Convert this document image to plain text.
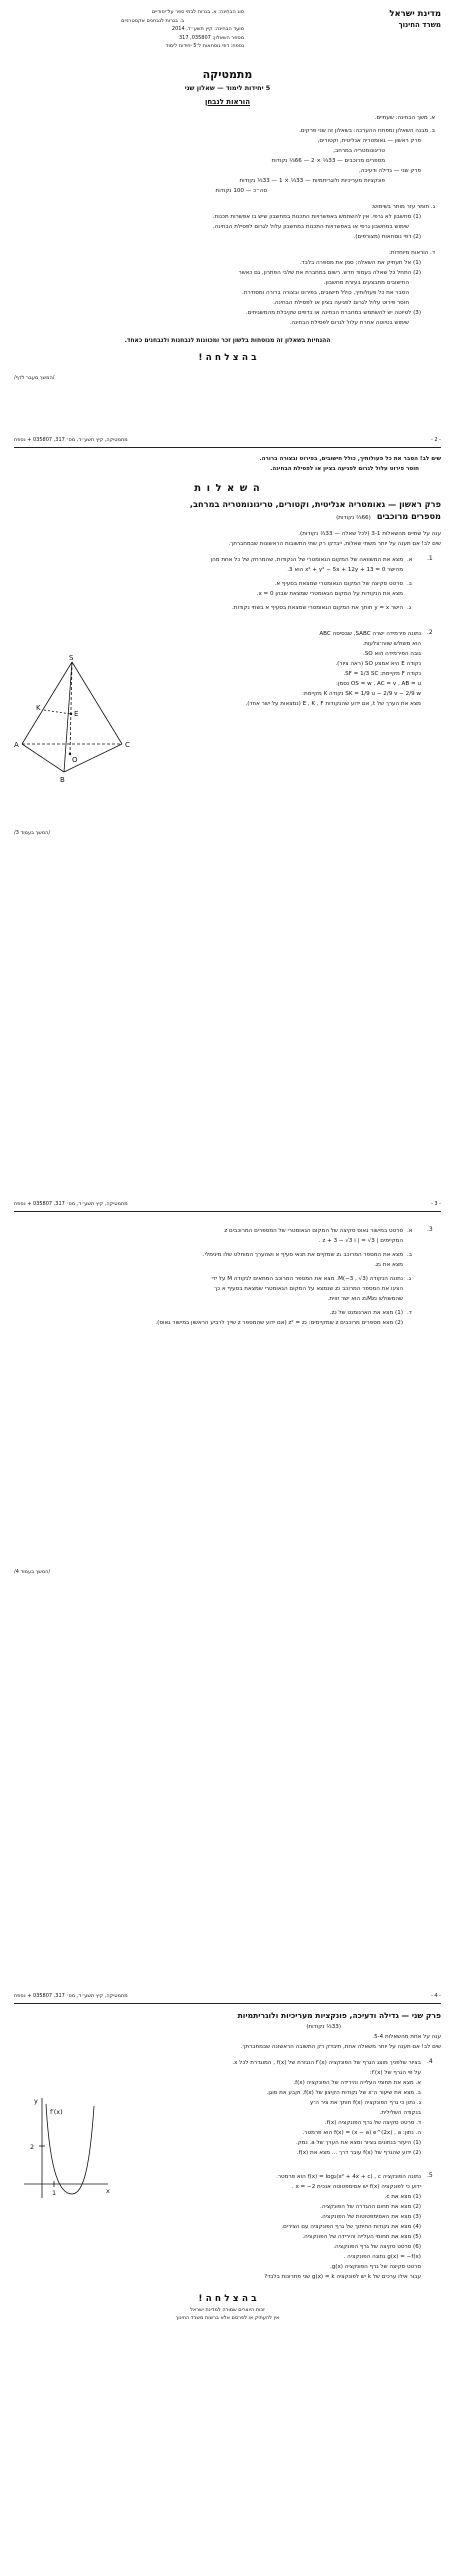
מדינת ישראל
משרד החינוך
סוג הבחינה: א. בגרות לבתי ספר על־יסודיים
ב. בגרות לנבחנים אקסטרניים
מועד הבחינה: קיץ תשע״ד, 2014
מספר השאלון: 035807, 317
נספח: דפי נוסחאות ל־5 יחידות לימוד
מתמטיקה
5 יחידות לימוד — שאלון שני
הוראות לנבחן
א. משך הבחינה: שעתיים.
ב. מבנה השאלון ומפתח ההערכה: בשאלון זה שני פרקים.
פרק ראשון — גאומטריה אנליטית, וקטורים,
טריגונומטריה במרחב,
מספרים מרוכבים — 33⅓ × 2 — 66⅔ נקודות
פרק שני — גדילה ודעיכה,
פונקציות מעריכיות ולוגריתמיות — 33⅓ × 1 — 33⅓ נקודות
סה״כ — 100 נקודות
ג. חומר עזר מותר בשימוש:
(1) מחשבון לא גרפי. אין להשתמש באפשרויות התכנות במחשבון שיש בו אפשרות תכנות.
שימוש במחשבון גרפי או באפשרויות התכנות במחשבון עלול לגרום לפסילת הבחינה.
(2) דפי נוסחאות (מצורפים).
ד. הוראות מיוחדות:
(1) אל תעתיק את השאלה; סמן את מספרה בלבד.
(2) התחל כל שאלה בעמוד חדש. רשום במחברת את שלבי הפתרון, גם כאשר
החישובים מתבצעים בעזרת מחשבון.
הסבר את כל פעולותיך, כולל חישובים, בפירוט ובצורה ברורה ומסודרת.
חוסר פירוט עלול לגרום לפגיעה בציון או לפסילת הבחינה.
(3) לטיוטה יש להשתמש במחברת הבחינה או בדפים שקיבלת מהמשגיחים.
שימוש בטיוטה אחרת עלול לגרום לפסילת הבחינה.
ההנחיות בשאלון זה מנוסחות בלשון זכר ומכוונות לנבחנות ולנבחנים כאחד.
ב ה צ ל ח ה !
/המשך מעבר לדף/
- 2 -
מתמטיקה, קיץ תשע״ד, מס׳ 317, 035807 + נספח
שים לב! הסבר את כל פעולותיך, כולל חישובים, בפירוט ובצורה ברורה.
חוסר פירוט עלול לגרום לפגיעה בציון או לפסילת הבחינה.
ה ש א ל ו ת
פרק ראשון — גאומטריה אנליטית, וקטורים, טריגונומטריה במרחב,
מספרים מרוכבים
(66⅔ נקודות)
ענה על שתיים מהשאלות 3-1 (לכל שאלה — 33⅓ נקודות).
שים לב! אם תענה על יותר משתי שאלות, ייבדקו רק שתי התשובות הראשונות שבמחברתך.
1.
א.
מצא את המשוואה של המקום הגאומטרי של הנקודות, שהמרחק של כל אחת מהן
מהישר x² + y² − 5x + 12y + 13 = 0 הוא 3.
ב.
סרטט סקיצה של המקום הגאומטרי שמצאת בסעיף א.
מצא את הנקודות על המקום הגאומטרי שמצאת שבהן x = 0.
ג.
הישר y = x חותך את המקום הגאומטרי שמצאת בסעיף א בשתי נקודות.
2.
נתונה פירמידה ישרה SABC, שבסיסה ABC
הוא משולש שווה־צלעות.
גובה הפירמידה הוא SO.
נקודה E היא אמצע SO (ראה ציור).
נקודה F מקיימת: SF = 1/3 SC.
OS = w , AC = v , AB = u נסמן:
SK = 1/9 u − 2/9 v − 2/9 w נקודה K מקיימת:
מצא את הערך של t, אם ידוע שהנקודות E , K , F (נמצאות על ישר אחד).
S
A	C
B
E
O
K
/המשך בעמוד 3/
- 3 -
מתמטיקה, קיץ תשע״ד, מס׳ 317, 035807 + נספח
3.
א.
סרטט במישור גאוס סקיצה של המקום הגאומטרי של המספרים המרוכבים z
המקיימים | z + 3 − √3 i | = √3 .
ב.
מצא את המספר המרוכב z₁ שמקיים את תנאי סעיף א ושהערך המוחלט שלו מינימלי.
מצא את z₁.
ג.
נתונה הנקודה M(−3 , √3). מצא את המספר המרוכב המתאים לנקודה M על ידי
הציגו את המספר המרוכב z₂ שנמצא על המקום הגאומטרי שמצאת בסעיף א כך
שהמשולש z₁Mz₂ הוא ישר זווית.
ד.
(1) מצא את הארגומנט של z₂.
(2) מצא מספרים מרוכבים z שמקיימים: z² = z₂ (אם ידוע שהמספר z שייך לרביע הראשון במישור גאוס).
/המשך בעמוד 4/
- 4 -
מתמטיקה, קיץ תשע״ד, מס׳ 317, 035807 + נספח
פרק שני — גדילה ודעיכה, פונקציות מעריכיות ולוגריתמיות
(33⅓ נקודות)
ענה על אחת מהשאלות 5-4.
שים לב! אם תענה על יותר משאלה אחת, תיבדק רק התשובה הראשונה שבמחברתך.
4.
בציור שלפניך מוצג הגרף של הפונקציה f′(x) הנגזרת של f(x) , המוגדרת לכל x.
על פי הגרף של f′(x):
א. מצא את תחומי העלייה והירידה של הפונקציה f(x).
ב. מצא את שיעור ה־x של נקודות הקיצון של f(x), וקבע את סוגן.
ג. נתון כי גרף הפונקציה f(x) חותך את ציר ה־y
בנקודה השלילית.
ד. סרטט סקיצה של גרף הפונקציה f(x).
ה. נתון: f(x) = (x − a) e^(2x) , a הוא פרמטר.
(1) היעזר בנתונים בציור ומצא את הערך של a. נמק.
(2) ידוע שהגרף של f(x) עובר דרך ... מצא את f(x).
x
y
2
1
f′(x)
5.
נתונה הפונקציה f(x) = log₂(x² + 4x + c) , c הוא פרמטר.
ידוע כי לפונקציה f(x) יש אסימפטוטה אנכית x = −2 .
(1) מצא את c.
(2) מצא את תחום ההגדרה של הפונקציה.
(3) מצא את האסימפטוטות של הפונקציה.
(4) מצא את נקודות החיתוך של גרף הפונקציה עם הצירים.
(5) מצא את תחומי העלייה והירידה של הפונקציה.
(6) סרטט סקיצה של גרף הפונקציה.
g(x) = −f(x) נתונה הפונקציה .
סרטט סקיצה של גרף הפונקציה g(x).
עבור אילו ערכים של k יש לפונקציה g(x) = k שני פתרונות בלבד?
ב ה צ ל ח ה !
זכות היוצרים שמורה למדינת ישראל
אין להעתיק או לפרסם אלא ברשות משרד החינוך
